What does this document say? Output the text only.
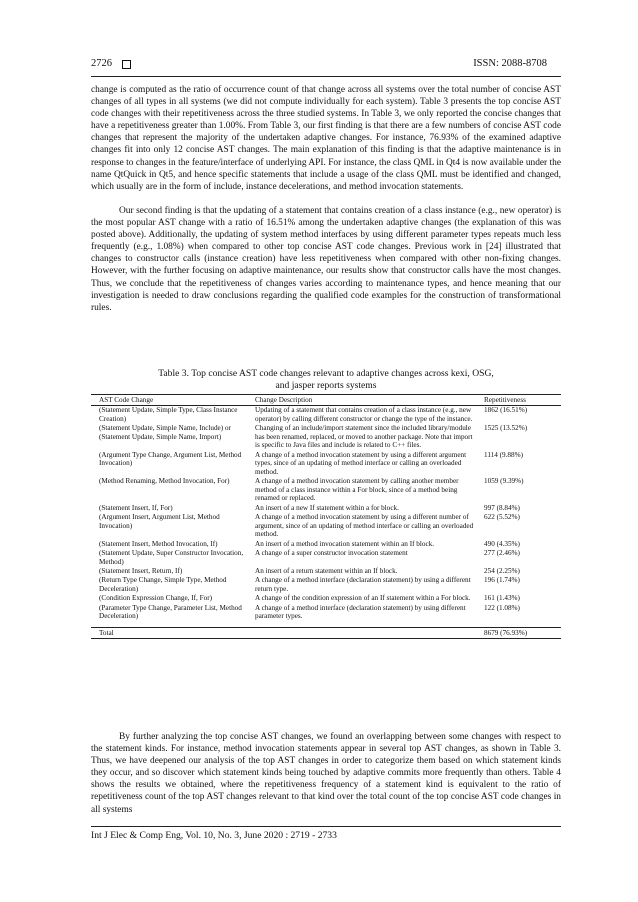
2726	ISSN: 2088-8708

change is computed as the ratio of occurrence count of that change across all systems over the total number of concise AST changes of all types in all systems (we did not compute individually for each system). Table 3 presents the top concise AST code changes with their repetitiveness across the three studied systems. In Table 3, we only reported the concise changes that have a repetitiveness greater than 1.00%. From Table 3, our first finding is that there are a few numbers of concise AST code changes that represent the majority of the undertaken adaptive changes. For instance, 76.93% of the examined adaptive changes fit into only 12 concise AST changes. The main explanation of this finding is that the adaptive maintenance is in response to changes in the feature/interface of underlying API. For instance, the class QML in Qt4 is now available under the name QtQuick in Qt5, and hence specific statements that include a usage of the class QML must be identified and changed, which usually are in the form of include, instance decelerations, and method invocation statements.

Our second finding is that the updating of a statement that contains creation of a class instance (e.g., new operator) is the most popular AST change with a ratio of 16.51% among the undertaken adaptive changes (the explanation of this was posted above). Additionally, the updating of system method interfaces by using different parameter types repeats much less frequently (e.g., 1.08%) when compared to other top concise AST code changes. Previous work in [24] illustrated that changes to constructor calls (instance creation) have less repetitiveness when compared with other non-fixing changes. However, with the further focusing on adaptive maintenance, our results show that constructor calls have the most changes. Thus, we conclude that the repetitiveness of changes varies according to maintenance types, and hence meaning that our investigation is needed to draw conclusions regarding the qualified code examples for the construction of transformational rules.

Table 3. Top concise AST code changes relevant to adaptive changes across kexi, OSG,
and jasper reports systems
AST Code Change	Change Description	Repetitiveness
(Statement Update, Simple Type, Class Instance Creation)	Updating of a statement that contains creation of a class instance (e.g., new operator) by calling different constructor or change the type of the instance.	1862 (16.51%)
(Statement Update, Simple Name, Include) or (Statement Update, Simple Name, Import)	Changing of an include/import statement since the included library/module has been renamed, replaced, or moved to another package. Note that import is specific to Java files and include is related to C++ files.	1525 (13.52%)
(Argument Type Change, Argument List, Method Invocation)	A change of a method invocation statement by using a different argument types, since of an updating of method interface or calling an overloaded method.	1114 (9.88%)
(Method Renaming, Method Invocation, For)	A change of a method invocation statement by calling another member method of a class instance within a For block, since of a method being renamed or replaced.	1059 (9.39%)
(Statement Insert, If, For)	An insert of a new If statement within a for block.	997 (8.84%)
(Argument Insert, Argument List, Method Invocation)	A change of a method invocation statement by using a different number of argument, since of an updating of method interface or calling an overloaded method.	622 (5.52%)
(Statement Insert, Method Invocation, If)	An insert of a method invocation statement within an If block.	490 (4.35%)
(Statement Update, Super Constructor Invocation, Method)	A change of a super constructor invocation statement	277 (2.46%)
(Statement Insert, Return, If)	An insert of a return statement within an If block.	254 (2.25%)
(Return Type Change, Simple Type, Method Deceleration)	A change of a method interface (declaration statement) by using a different return type.	196 (1.74%)
(Condition Expression Change, If, For)	A change of the condition expression of an If statement within a For block.	161 (1.43%)
(Parameter Type Change, Parameter List, Method Deceleration)	A change of a method interface (declaration statement) by using different parameter types.	122 (1.08%)
Total		8679 (76.93%)

By further analyzing the top concise AST changes, we found an overlapping between some changes with respect to the statement kinds. For instance, method invocation statements appear in several top AST changes, as shown in Table 3. Thus, we have deepened our analysis of the top AST changes in order to categorize them based on which statement kinds they occur, and so discover which statement kinds being touched by adaptive commits more frequently than others. Table 4 shows the results we obtained, where the repetitiveness frequency of a statement kind is equivalent to the ratio of repetitiveness count of the top AST changes relevant to that kind over the total count of the top concise AST code changes in all systems

Int J Elec & Comp Eng, Vol. 10, No. 3, June 2020 : 2719 - 2733
